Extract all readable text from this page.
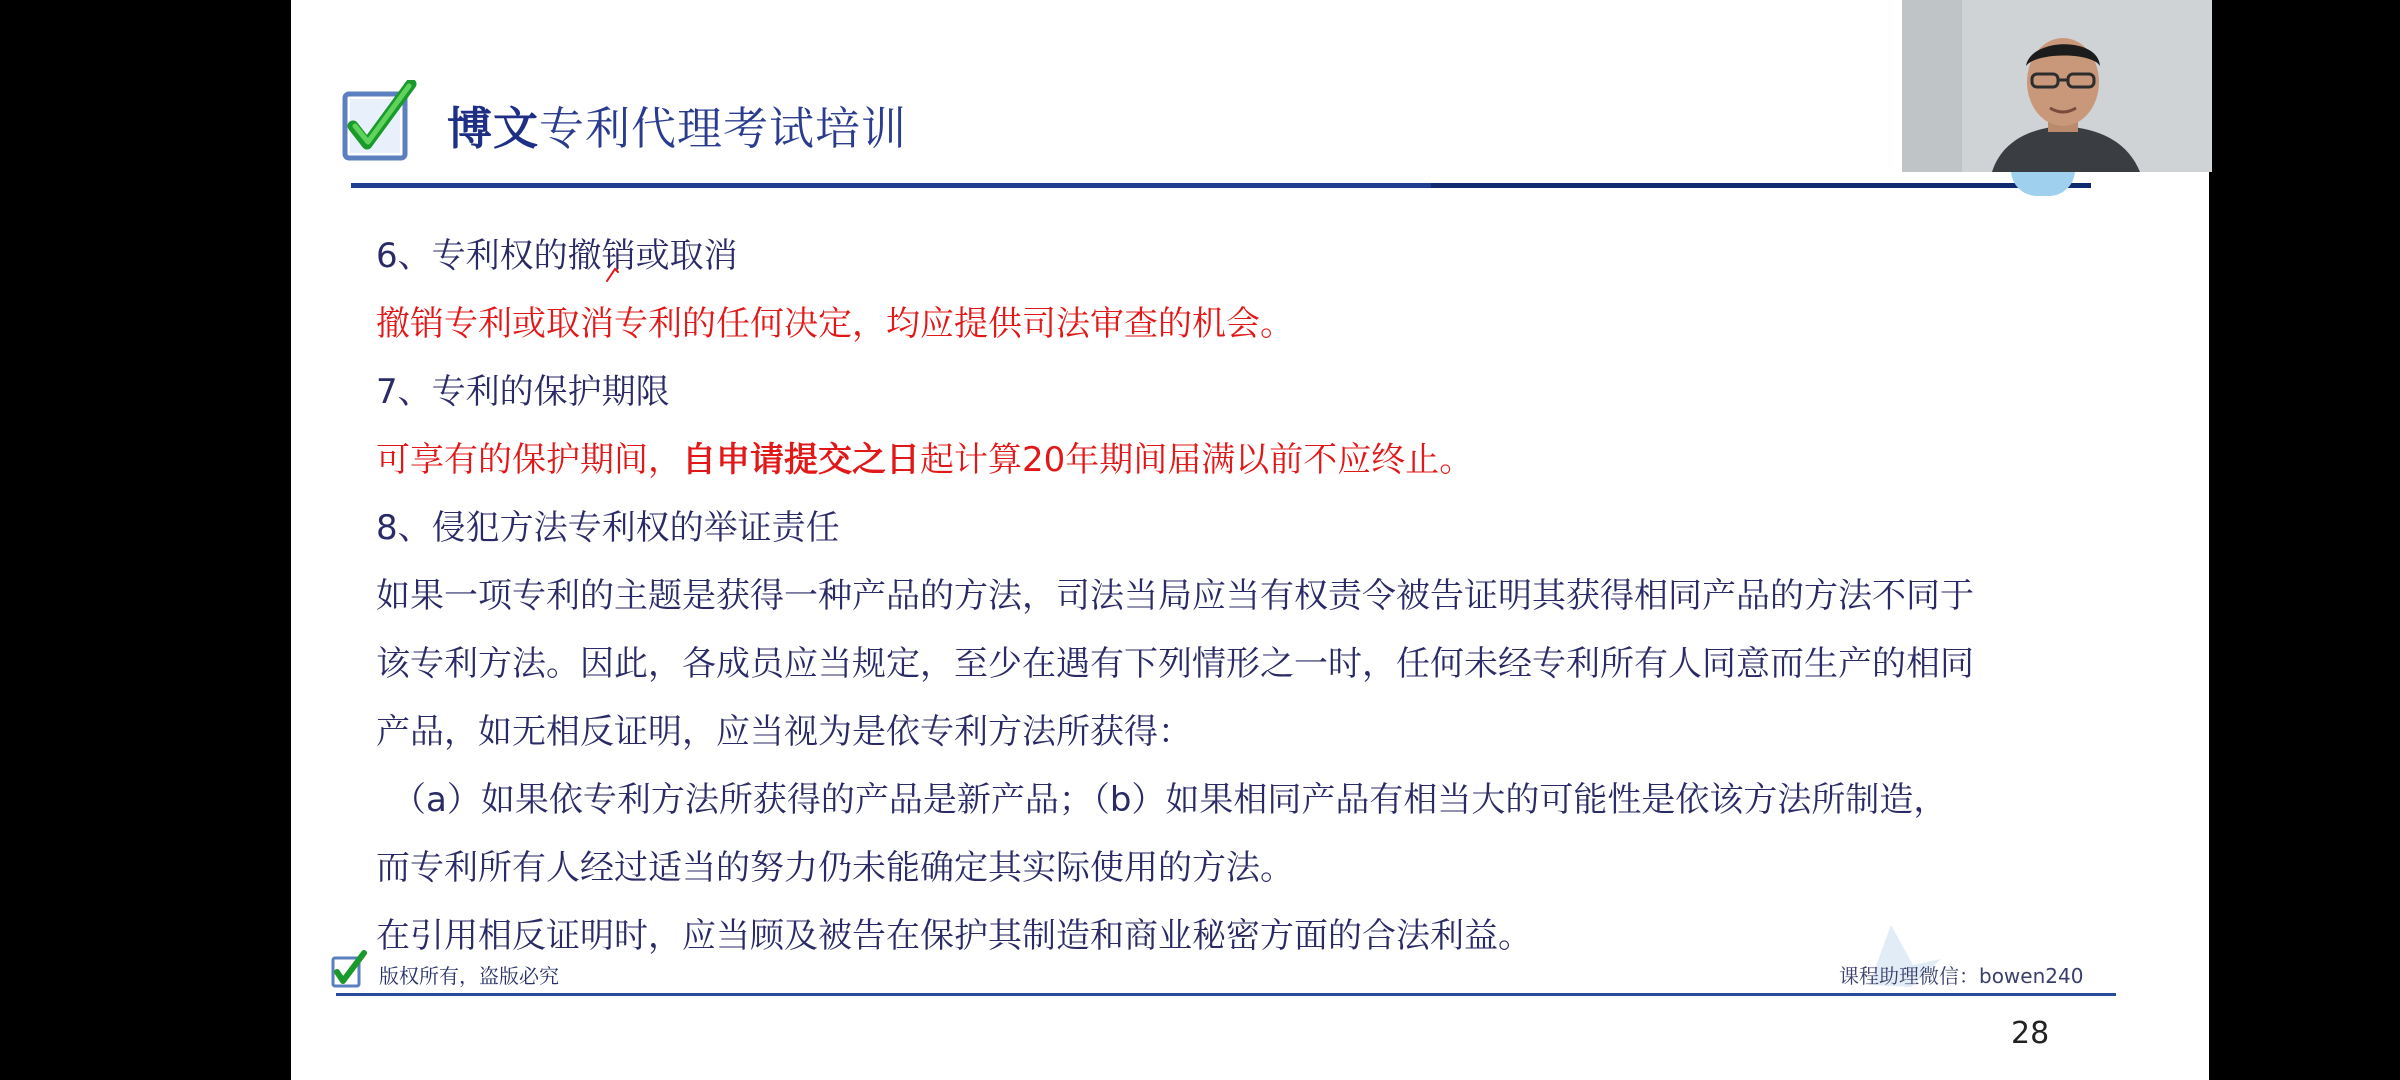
博文专利代理考试培训
6、专利权的撤销或取消
撤销专利或取消专利的任何决定，均应提供司法审查的机会。
7、专利的保护期限
可享有的保护期间，自申请提交之日起计算20年期间届满以前不应终止。
8、侵犯方法专利权的举证责任
如果一项专利的主题是获得一种产品的方法，司法当局应当有权责令被告证明其获得相同产品的方法不同于
该专利方法。因此，各成员应当规定，至少在遇有下列情形之一时，任何未经专利所有人同意而生产的相同
产品，如无相反证明，应当视为是依专利方法所获得：
（a）如果依专利方法所获得的产品是新产品；（b）如果相同产品有相当大的可能性是依该方法所制造，
而专利所有人经过适当的努力仍未能确定其实际使用的方法。
在引用相反证明时，应当顾及被告在保护其制造和商业秘密方面的合法利益。
版权所有，盗版必究	课程助理微信：bowen240
28
